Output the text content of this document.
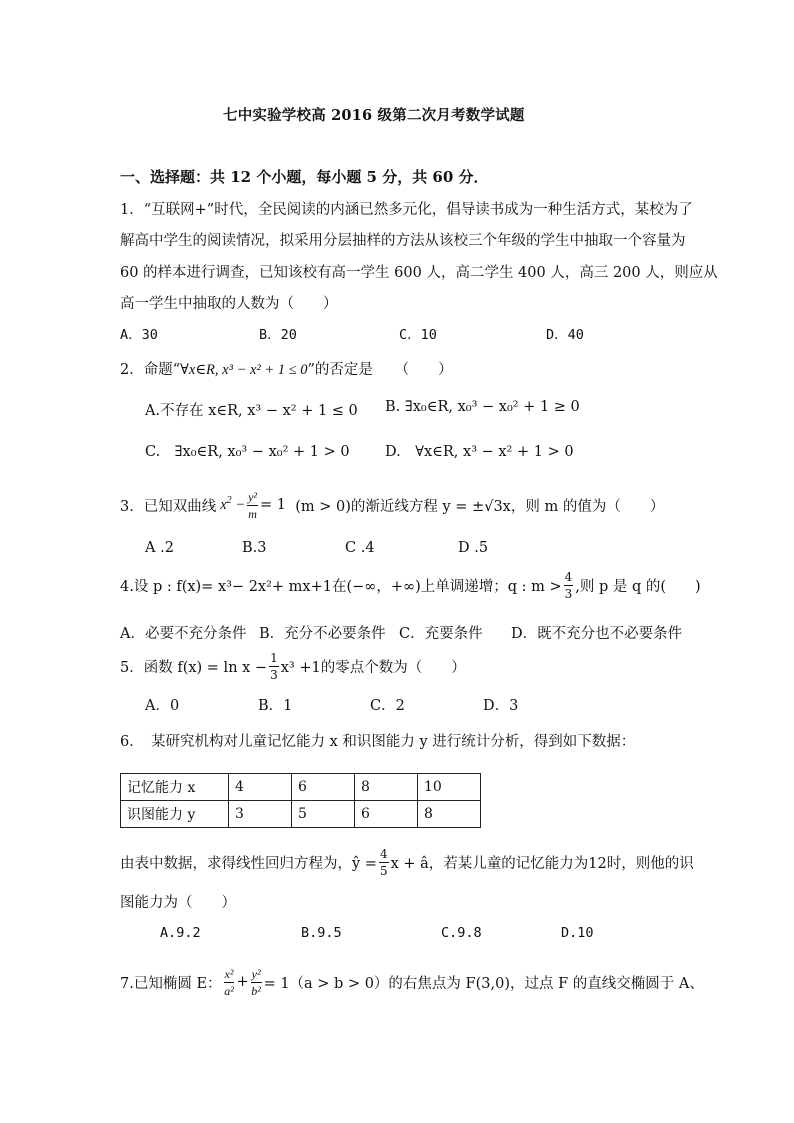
七中实验学校高 2016 级第二次月考数学试题
一、选择题：共 12 个小题，每小题 5 分，共 60 分．
1．“互联网+”时代，全民阅读的内涵已然多元化，倡导读书成为一种生活方式，某校为了
解高中学生的阅读情况，拟采用分层抽样的方法从该校三个年级的学生中抽取一个容量为
60 的样本进行调查，已知该校有高一学生 600 人，高二学生 400 人，高三 200 人，则应从
高一学生中抽取的人数为（　　）
A．30	B．20	C．10	D．40
2．命题“∀x∈R, x³ − x² + 1 ≤ 0”的否定是　　（　　）
A.不存在 x∈R, x³ − x² + 1 ≤ 0 B. ∃x₀∈R, x₀³ − x₀² + 1 ≥ 0
C.　∃x₀∈R, x₀³ − x₀² + 1 > 0 D.　∀x∈R, x³ − x² + 1 > 0
3．已知双曲线 $x^2 - \frac{\text{y²}}{m} = 1$ (m > 0)的渐近线方程 y = ±√3x，则 m 的值为（　　）
A .2	B.3	C .4	D .5
4.设 p : f(x)= x³− 2x²+ mx+1在(−∞，+∞)上单调递增；q : $m > \frac{4}{3}$ ,则 p 是 q 的(　　)
A．必要不充分条件 B．充分不必要条件 C．充要条件 D．既不充分也不必要条件
5．函数 $f(x) = \ln x - \frac{1}{3} x^3 +1$的零点个数为（　　）
A．0	B．1	C．2	D．3
6．　某研究机构对儿童记忆能力 x 和识图能力 y 进行统计分析，得到如下数据：
记忆能力 x	4	6	8	10
识图能力 y	3	5	6	8
由表中数据，求得线性回归方程为，ŷ = $\frac{4}{5}$ x + â，若某儿童的记忆能力为12时，则他的识
图能力为（　　）
A.9.2	B.9.5	C.9.8	D.10
7.已知椭圆 E： $\frac{\text{x²}}{\text{a²}} + \frac{\text{y²}}{\text{b²}} = 1(a > b > 0)$的右焦点为 F(3,0)，过点 F 的直线交椭圆于 A、
